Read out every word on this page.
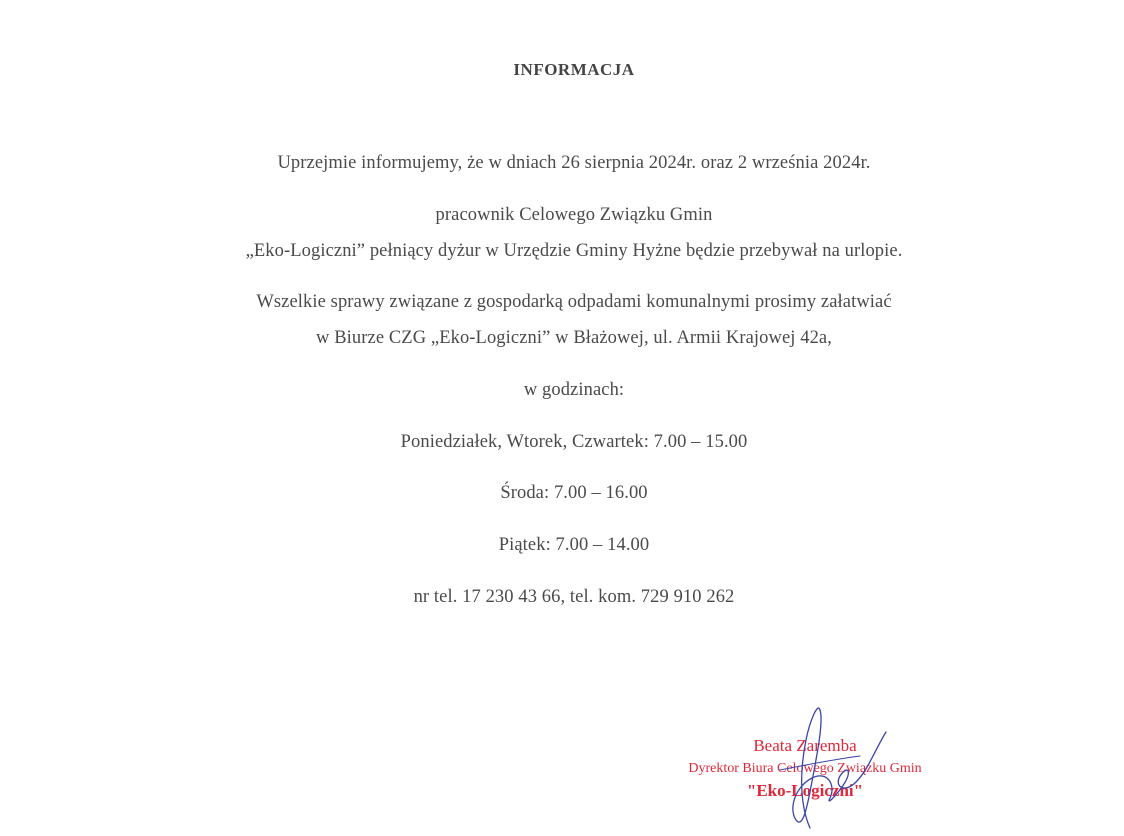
INFORMACJA
Uprzejmie informujemy, że w dniach 26 sierpnia 2024r. oraz 2 września 2024r.
pracownik Celowego Związku Gmin
„Eko-Logiczni” pełniący dyżur w Urzędzie Gminy Hyżne będzie przebywał na urlopie.
Wszelkie sprawy związane z gospodarką odpadami komunalnymi prosimy załatwiać
w Biurze CZG „Eko-Logiczni” w Błażowej, ul. Armii Krajowej 42a,
w godzinach:
Poniedziałek, Wtorek, Czwartek: 7.00 – 15.00
Środa: 7.00 – 16.00
Piątek: 7.00 – 14.00
nr tel. 17 230 43 66, tel. kom. 729 910 262
Beata Zaremba
Dyrektor Biura Celowego Związku Gmin
"Eko-Logiczni"
